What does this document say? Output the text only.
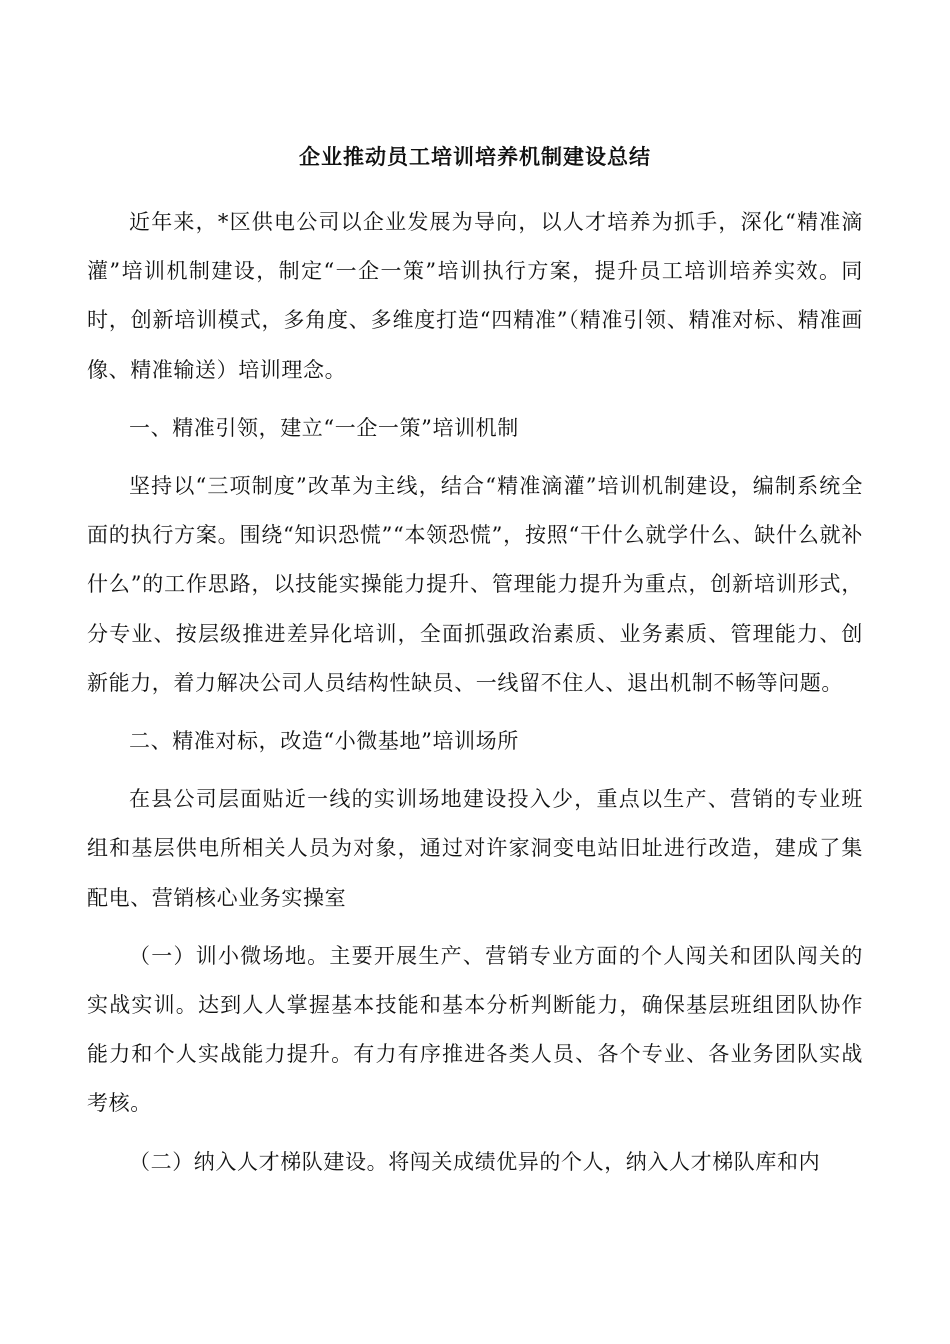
企业推动员工培训培养机制建设总结

近年来，*区供电公司以企业发展为导向，以人才培养为抓手，深化“精准滴灌”培训机制建设，制定“一企一策”培训执行方案，提升员工培训培养实效。同时，创新培训模式，多角度、多维度打造“四精准”（精准引领、精准对标、精准画像、精准输送）培训理念。

一、精准引领，建立“一企一策”培训机制

坚持以“三项制度”改革为主线，结合“精准滴灌”培训机制建设，编制系统全面的执行方案。围绕“知识恐慌”“本领恐慌”，按照“干什么就学什么、缺什么就补什么”的工作思路，以技能实操能力提升、管理能力提升为重点，创新培训形式，分专业、按层级推进差异化培训，全面抓强政治素质、业务素质、管理能力、创新能力，着力解决公司人员结构性缺员、一线留不住人、退出机制不畅等问题。

二、精准对标，改造“小微基地”培训场所

在县公司层面贴近一线的实训场地建设投入少，重点以生产、营销的专业班组和基层供电所相关人员为对象，通过对许家洞变电站旧址进行改造，建成了集配电、营销核心业务实操室

（一）训小微场地。主要开展生产、营销专业方面的个人闯关和团队闯关的实战实训。达到人人掌握基本技能和基本分析判断能力，确保基层班组团队协作能力和个人实战能力提升。有力有序推进各类人员、各个专业、各业务团队实战考核。

（二）纳入人才梯队建设。将闯关成绩优异的个人，纳入人才梯队库和内
